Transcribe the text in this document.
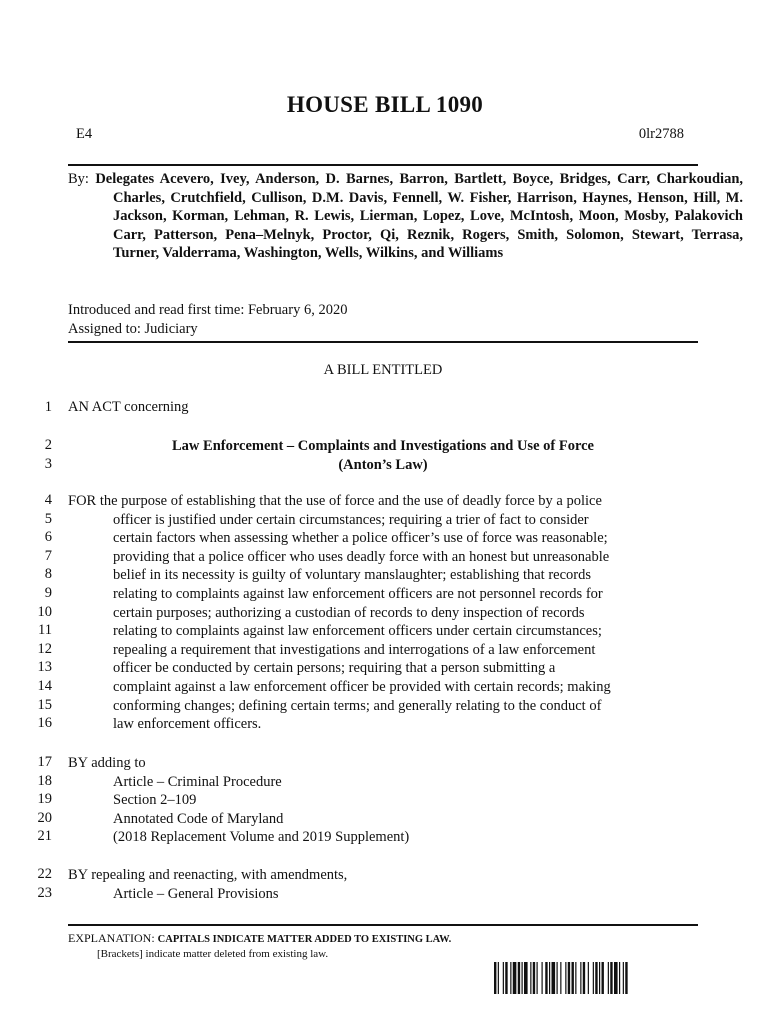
HOUSE BILL 1090
E4	0lr2788
By: Delegates Acevero, Ivey, Anderson, D. Barnes, Barron, Bartlett, Boyce, Bridges, Carr, Charkoudian, Charles, Crutchfield, Cullison, D.M. Davis, Fennell, W. Fisher, Harrison, Haynes, Henson, Hill, M. Jackson, Korman, Lehman, R. Lewis, Lierman, Lopez, Love, McIntosh, Moon, Mosby, Palakovich Carr, Patterson, Pena–Melnyk, Proctor, Qi, Reznik, Rogers, Smith, Solomon, Stewart, Terrasa, Turner, Valderrama, Washington, Wells, Wilkins, and Williams
Introduced and read first time: February 6, 2020
Assigned to: Judiciary
A BILL ENTITLED
1 AN ACT concerning
2
3
Law Enforcement – Complaints and Investigations and Use of Force
(Anton’s Law)
4
5
6
7
8
9
10
11
12
13
14
15
16
FOR the purpose of establishing that the use of force and the use of deadly force by a police
officer is justified under certain circumstances; requiring a trier of fact to consider
certain factors when assessing whether a police officer’s use of force was reasonable;
providing that a police officer who uses deadly force with an honest but unreasonable
belief in its necessity is guilty of voluntary manslaughter; establishing that records
relating to complaints against law enforcement officers are not personnel records for
certain purposes; authorizing a custodian of records to deny inspection of records
relating to complaints against law enforcement officers under certain circumstances;
repealing a requirement that investigations and interrogations of a law enforcement
officer be conducted by certain persons; requiring that a person submitting a
complaint against a law enforcement officer be provided with certain records; making
conforming changes; defining certain terms; and generally relating to the conduct of
law enforcement officers.
17
18
19
20
21
BY adding to
Article – Criminal Procedure
Section 2–109
Annotated Code of Maryland
(2018 Replacement Volume and 2019 Supplement)
22
23
BY repealing and reenacting, with amendments,
Article – General Provisions
EXPLANATION: CAPITALS INDICATE MATTER ADDED TO EXISTING LAW.
[Brackets] indicate matter deleted from existing law.
